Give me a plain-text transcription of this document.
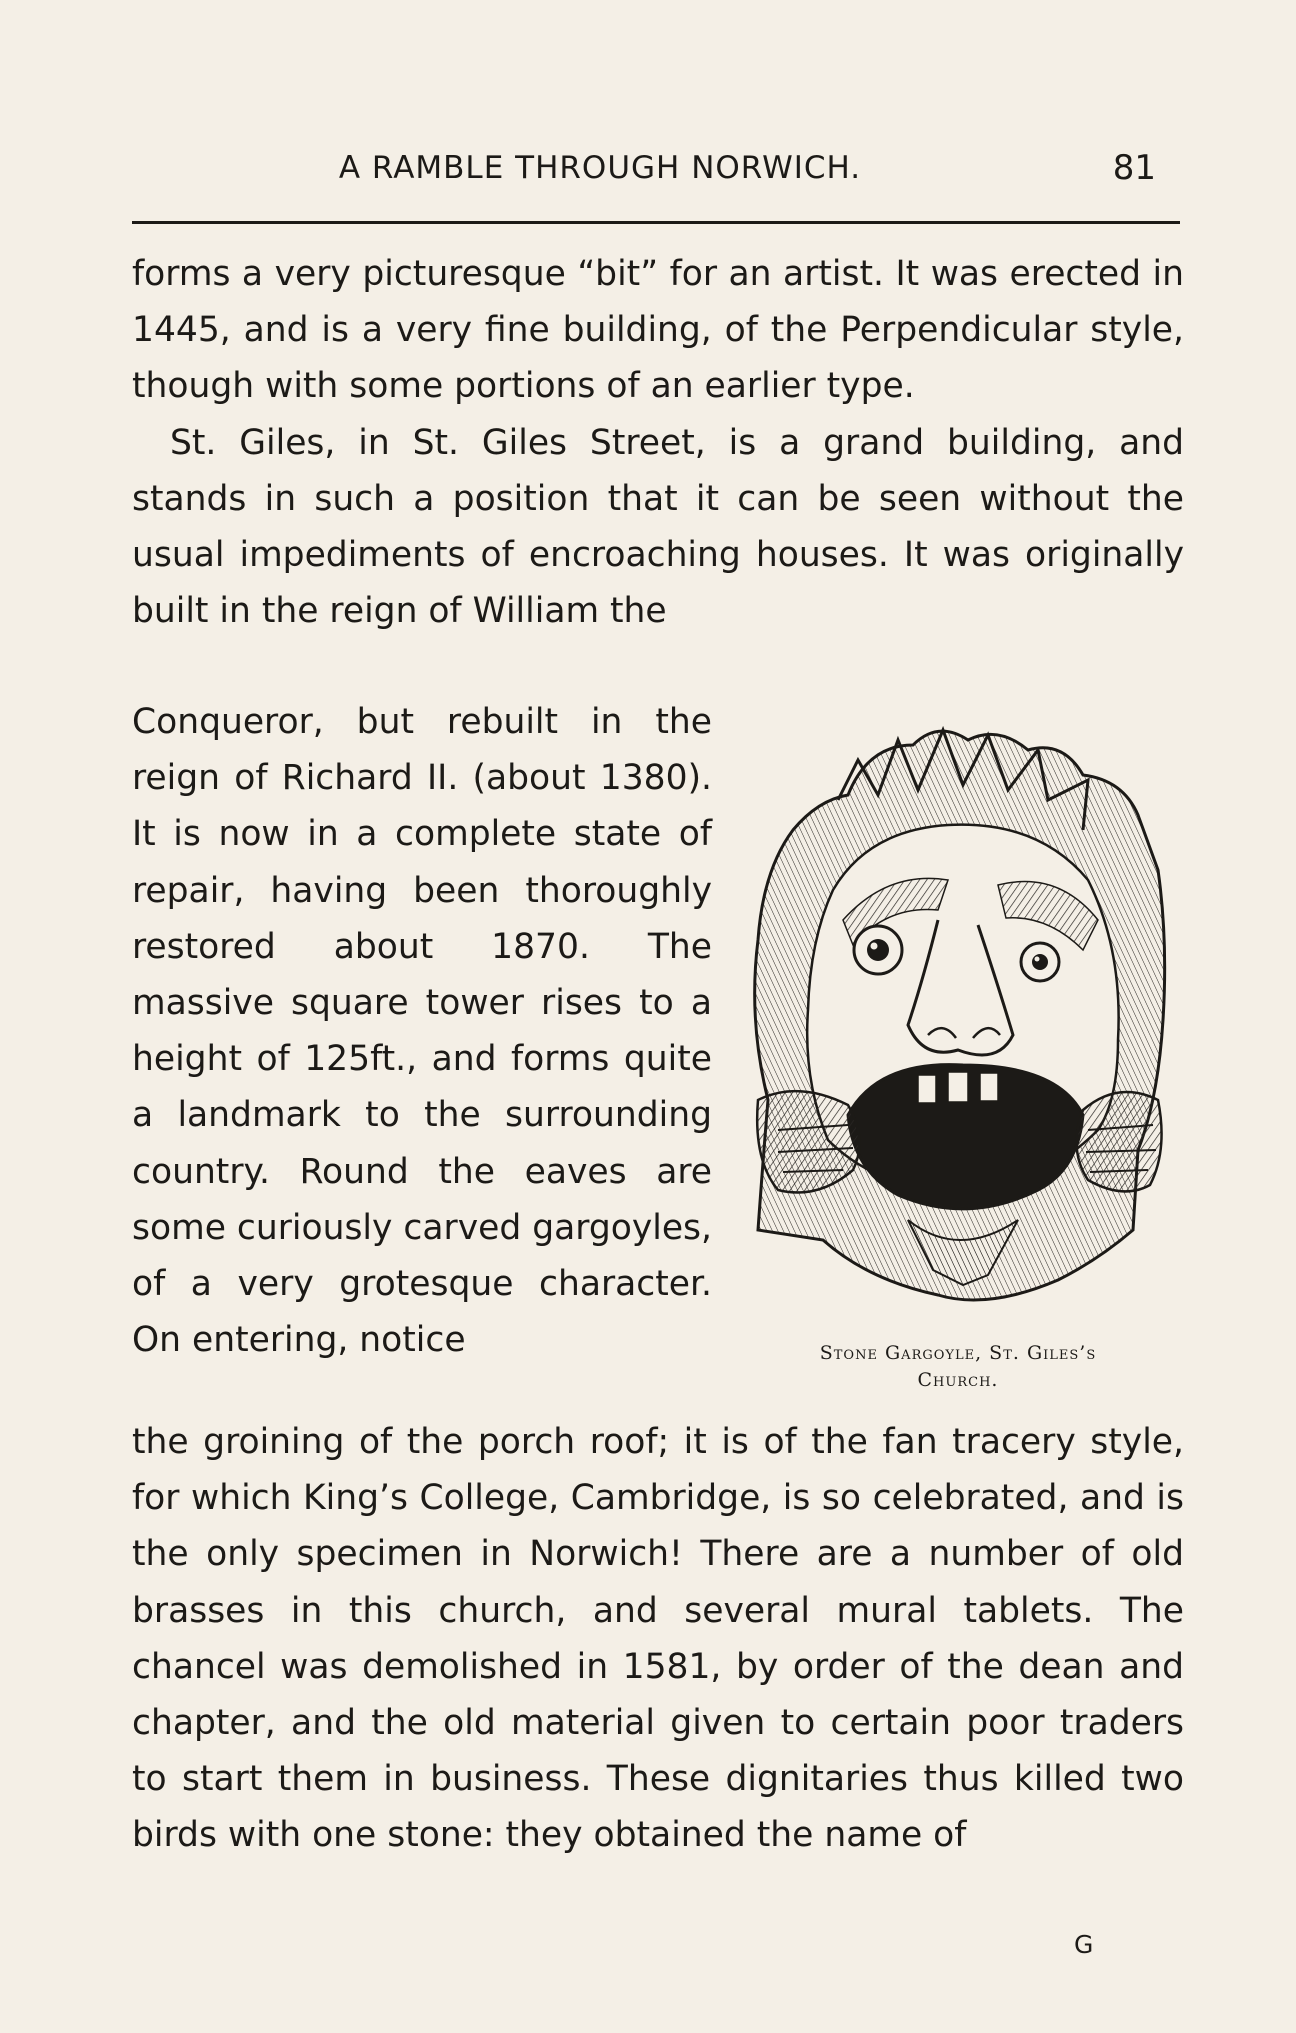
A RAMBLE THROUGH NORWICH.	81

forms a very picturesque “bit” for an artist. It was erected in 1445, and is a very fine building, of the Perpendicular style, though with some portions of an earlier type.

St. Giles, in St. Giles Street, is a grand building, and stands in such a position that it can be seen without the usual impediments of encroaching houses. It was originally built in the reign of William the

Conqueror, but rebuilt in the reign of Richard II. (about 1380). It is now in a complete state of repair, having been thoroughly restored about 1870. The massive square tower rises to a height of 125ft., and forms quite a landmark to the surrounding country. Round the eaves are some curiously carved gargoyles, of a very grotesque character. On entering, notice	Stone Gargoyle, St. Giles’s
Church.

the groining of the porch roof; it is of the fan tracery style, for which King’s College, Cambridge, is so celebrated, and is the only specimen in Norwich! There are a number of old brasses in this church, and several mural tablets. The chancel was demolished in 1581, by order of the dean and chapter, and the old material given to certain poor traders to start them in business. These dignitaries thus killed two birds with one stone: they obtained the name of

G
